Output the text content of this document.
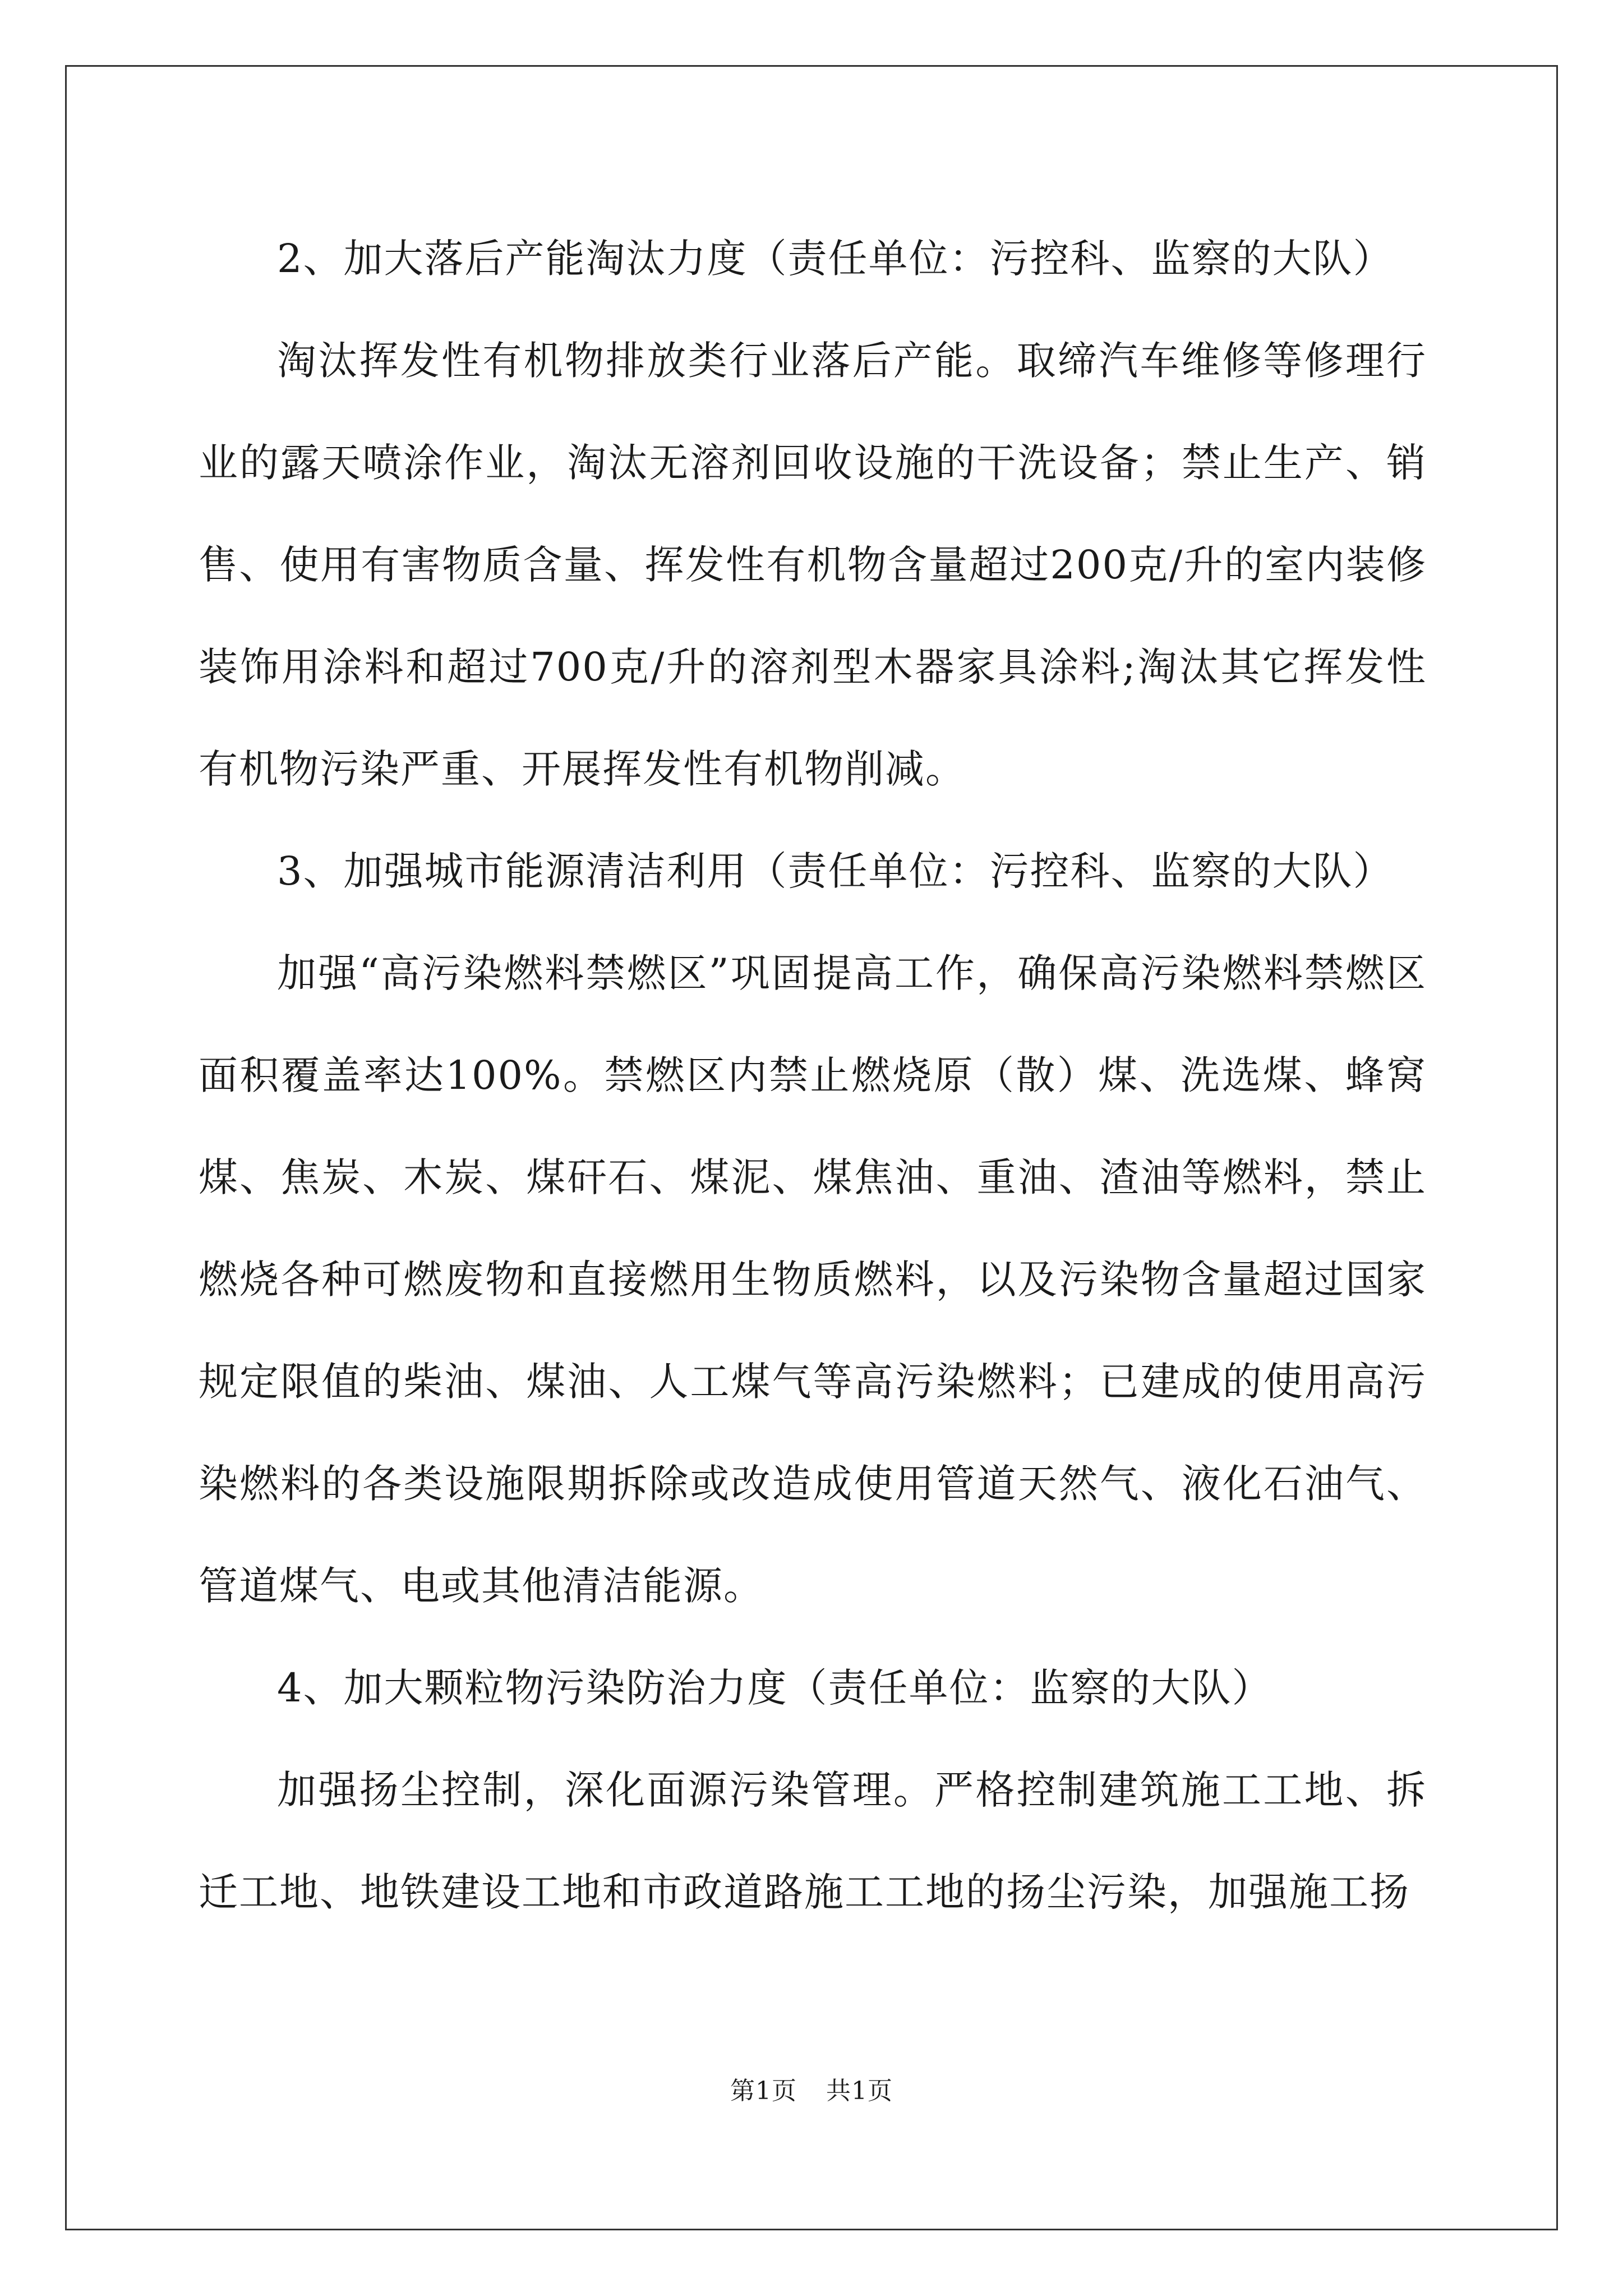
2、加大落后产能淘汰力度（责任单位：污控科、监察的大队）

淘汰挥发性有机物排放类行业落后产能。取缔汽车维修等修理行业的露天喷涂作业，淘汰无溶剂回收设施的干洗设备；禁止生产、销售、使用有害物质含量、挥发性有机物含量超过200克/升的室内装修装饰用涂料和超过700克/升的溶剂型木器家具涂料;淘汰其它挥发性有机物污染严重、开展挥发性有机物削减。

3、加强城市能源清洁利用（责任单位：污控科、监察的大队）

加强“高污染燃料禁燃区”巩固提高工作，确保高污染燃料禁燃区面积覆盖率达100%。禁燃区内禁止燃烧原（散）煤、洗选煤、蜂窝煤、焦炭、木炭、煤矸石、煤泥、煤焦油、重油、渣油等燃料，禁止燃烧各种可燃废物和直接燃用生物质燃料，以及污染物含量超过国家规定限值的柴油、煤油、人工煤气等高污染燃料；已建成的使用高污染燃料的各类设施限期拆除或改造成使用管道天然气、液化石油气、管道煤气、电或其他清洁能源。

4、加大颗粒物污染防治力度（责任单位：监察的大队）

加强扬尘控制，深化面源污染管理。严格控制建筑施工工地、拆迁工地、地铁建设工地和市政道路施工工地的扬尘污染，加强施工扬

第1页 共1页
